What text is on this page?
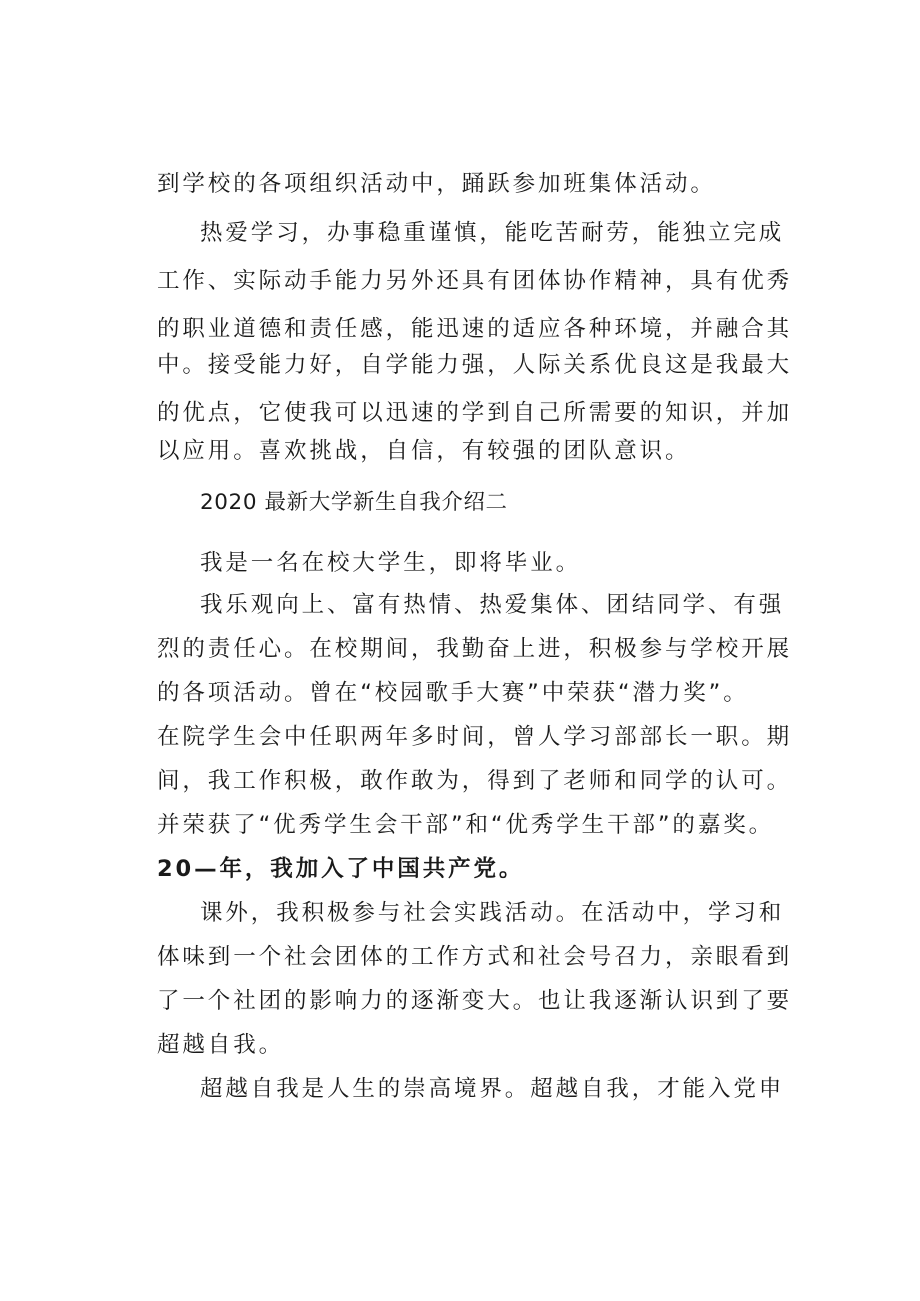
到学校的各项组织活动中，踊跃参加班集体活动。
热爱学习，办事稳重谨慎，能吃苦耐劳，能独立完成
工作、实际动手能力另外还具有团体协作精神，具有优秀
的职业道德和责任感，能迅速的适应各种环境，并融合其
中。接受能力好，自学能力强，人际关系优良这是我最大
的优点，它使我可以迅速的学到自己所需要的知识，并加
以应用。喜欢挑战，自信，有较强的团队意识。
2020 最新大学新生自我介绍二
我是一名在校大学生，即将毕业。
我乐观向上、富有热情、热爱集体、团结同学、有强
烈的责任心。在校期间，我勤奋上进，积极参与学校开展
的各项活动。曾在“校园歌手大赛”中荣获“潜力奖”。
在院学生会中任职两年多时间，曾人学习部部长一职。期
间，我工作积极，敢作敢为，得到了老师和同学的认可。
并荣获了“优秀学生会干部”和“优秀学生干部”的嘉奖。
20—年，我加入了中国共产党。
课外，我积极参与社会实践活动。在活动中，学习和
体味到一个社会团体的工作方式和社会号召力，亲眼看到
了一个社团的影响力的逐渐变大。也让我逐渐认识到了要
超越自我。
超越自我是人生的崇高境界。超越自我，才能入党申
